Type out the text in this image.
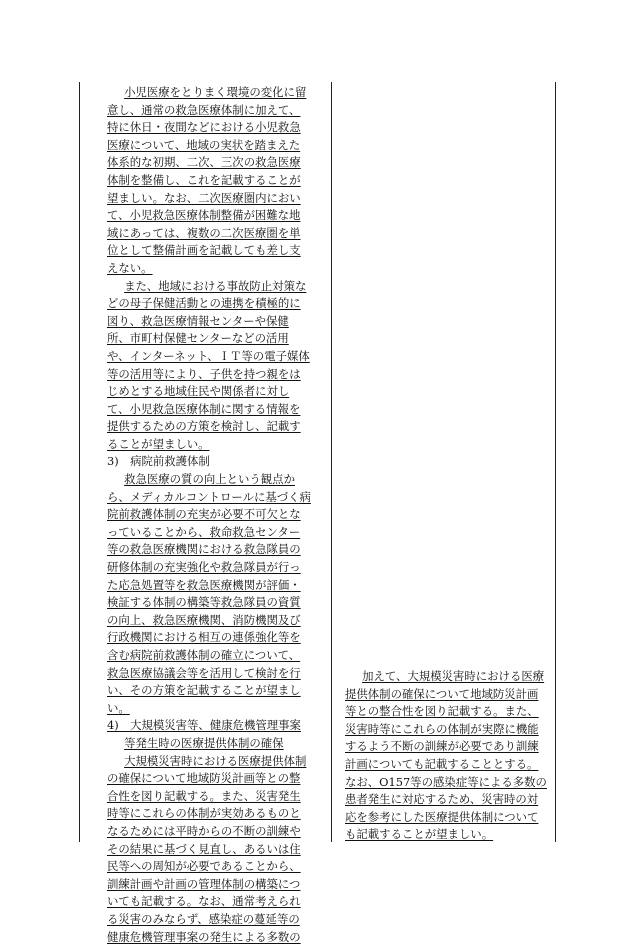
小児医療をとりまく環境の変化に留意し、通常の救急医療体制に加えて、特に休日・夜間などにおける小児救急医療について、地域の実状を踏まえた体系的な初期、二次、三次の救急医療体制を整備し、これを記載することが望ましい。なお、二次医療圏内において、小児救急医療体制整備が困難な地域にあっては、複数の二次医療圏を単位として整備計画を記載しても差し支えない。

また、地域における事故防止対策などの母子保健活動との連携を積極的に図り、救急医療情報センターや保健所、市町村保健センターなどの活用や、インターネット、ＩＴ等の電子媒体等の活用等により、子供を持つ親をはじめとする地域住民や関係者に対して、小児救急医療体制に関する情報を提供するための方策を検討し、記載することが望ましい。

3)　病院前救護体制

救急医療の質の向上という観点から、メディカルコントロールに基づく病院前救護体制の充実が必要不可欠となっていることから、救命救急センター等の救急医療機関における救急隊員の研修体制の充実強化や救急隊員が行った応急処置等を救急医療機関が評価・検証する体制の構築等救急隊員の資質の向上、救急医療機関、消防機関及び行政機関における相互の連係強化等を含む病院前救護体制の確立について、救急医療協議会等を活用して検討を行い、その方策を記載することが望ましい。

4)　大規模災害等、健康危機管理事案

等発生時の医療提供体制の確保

大規模災害時における医療提供体制の確保について地域防災計画等との整合性を図り記載する。また、災害発生時等にこれらの体制が実効あるものとなるためには平時からの不断の訓練やその結果に基づく見直し、あるいは住民等への周知が必要であることから、訓練計画や計画の管理体制の構築についても記載する。なお、通常考えられる災害のみならず、感染症の蔓延等の健康危機管理事案の発生による多数の

加えて、大規模災害時における医療提供体制の確保について地域防災計画等との整合性を図り記載する。また、災害時等にこれらの体制が実際に機能するよう不断の訓練が必要であり訓練計画についても記載することとする。

なお、O157等の感染症等による多数の患者発生に対応するため、災害時の対応を参考にした医療提供体制についても記載することが望ましい。
